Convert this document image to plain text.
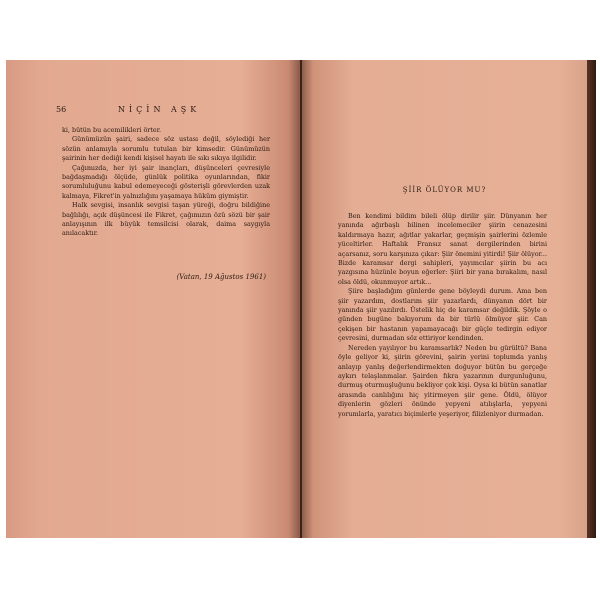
56	NİÇİN AŞK

ki, bütün bu acemilikleri örter.

Günümüzün şairi, sadece söz ustası değil, söylediği her sözün anlamıyla sorumlu tutulan bir kimsedir. Günümüzün şairinin her dediği kendi kişisel hayatı ile sıkı sıkıya ilgilidir.

Çağımızda, her iyi şair inançları, düşünceleri çevresiyle bağdaşmadığı ölçüde, günlük politika oyunlarından, fikir sorumluluğunu kabul edemeyeceği gösterişli görevlerden uzak kalmaya, Fikret'in yalnızlığını yaşamaya hüküm giymiştir.

Halk sevgisi, insanlık sevgisi taşan yüreği, doğru bildiğine bağlılığı, açık düşüncesi ile Fikret, çağımızın özü sözü bir şair anlayışının ilk büyük temsilcisi olarak, daima saygıyla anılacaktır.

(Vatan, 19 Ağustos 1961)
ŞİİR ÖLÜYOR MU?

Ben kendimi bildim bileli ölüp dirilir şiir. Dünyanın her yanında ağırbaşlı bilinen incelemeciler şiirin cenazesini kaldırmaya hazır, ağıtlar yakarlar, geçmişin şairlerini özlemle yüceltirler. Haftalık Fransız sanat dergilerinden birini açarsanız, soru karşınıza çıkar: Şiir önemini yitirdi! Şiir ölüyor... Bizde karamsar dergi sahipleri, yayımcılar şiirin bu acı yazgısına hüzünle boyun eğerler: Şiiri bir yana bırakalım, nasıl olsa öldü, okunmuyor artık...

Şiire başladığım günlerde gene böyleydi durum. Ama ben şiir yazardım, dostlarım şiir yazarlardı, dünyanın dört bir yanında şiir yazılırdı. Üstelik hiç de karamsar değildik. Şöyle o günden bugüne bakıyorum da bir türlü ölmüyor şiir. Can çekişen bir hastanın yapamayacağı bir güçle tedirgin ediyor çevresini, durmadan söz ettiriyor kendinden.

Nereden yayılıyor bu karamsarlık? Neden bu gürültü? Bana öyle geliyor ki, şiirin görevini, şairin yerini toplumda yanlış anlayıp yanlış değerlendirmekten doğuyor bütün bu gerçeğe aykırı telaşlanmalar. Şairden fıkra yazarının durgunluğunu, durmuş oturmuşluğunu bekliyor çok kişi. Oysa ki bütün sanatlar arasında canlılığını hiç yitirmeyen şiir gene. Öldü, ölüyor diyenlerin gözleri önünde yepyeni atılışlarla, yepyeni yorumlarla, yaratıcı biçimlerle yeşeriyor, filizleniyor durmadan.
